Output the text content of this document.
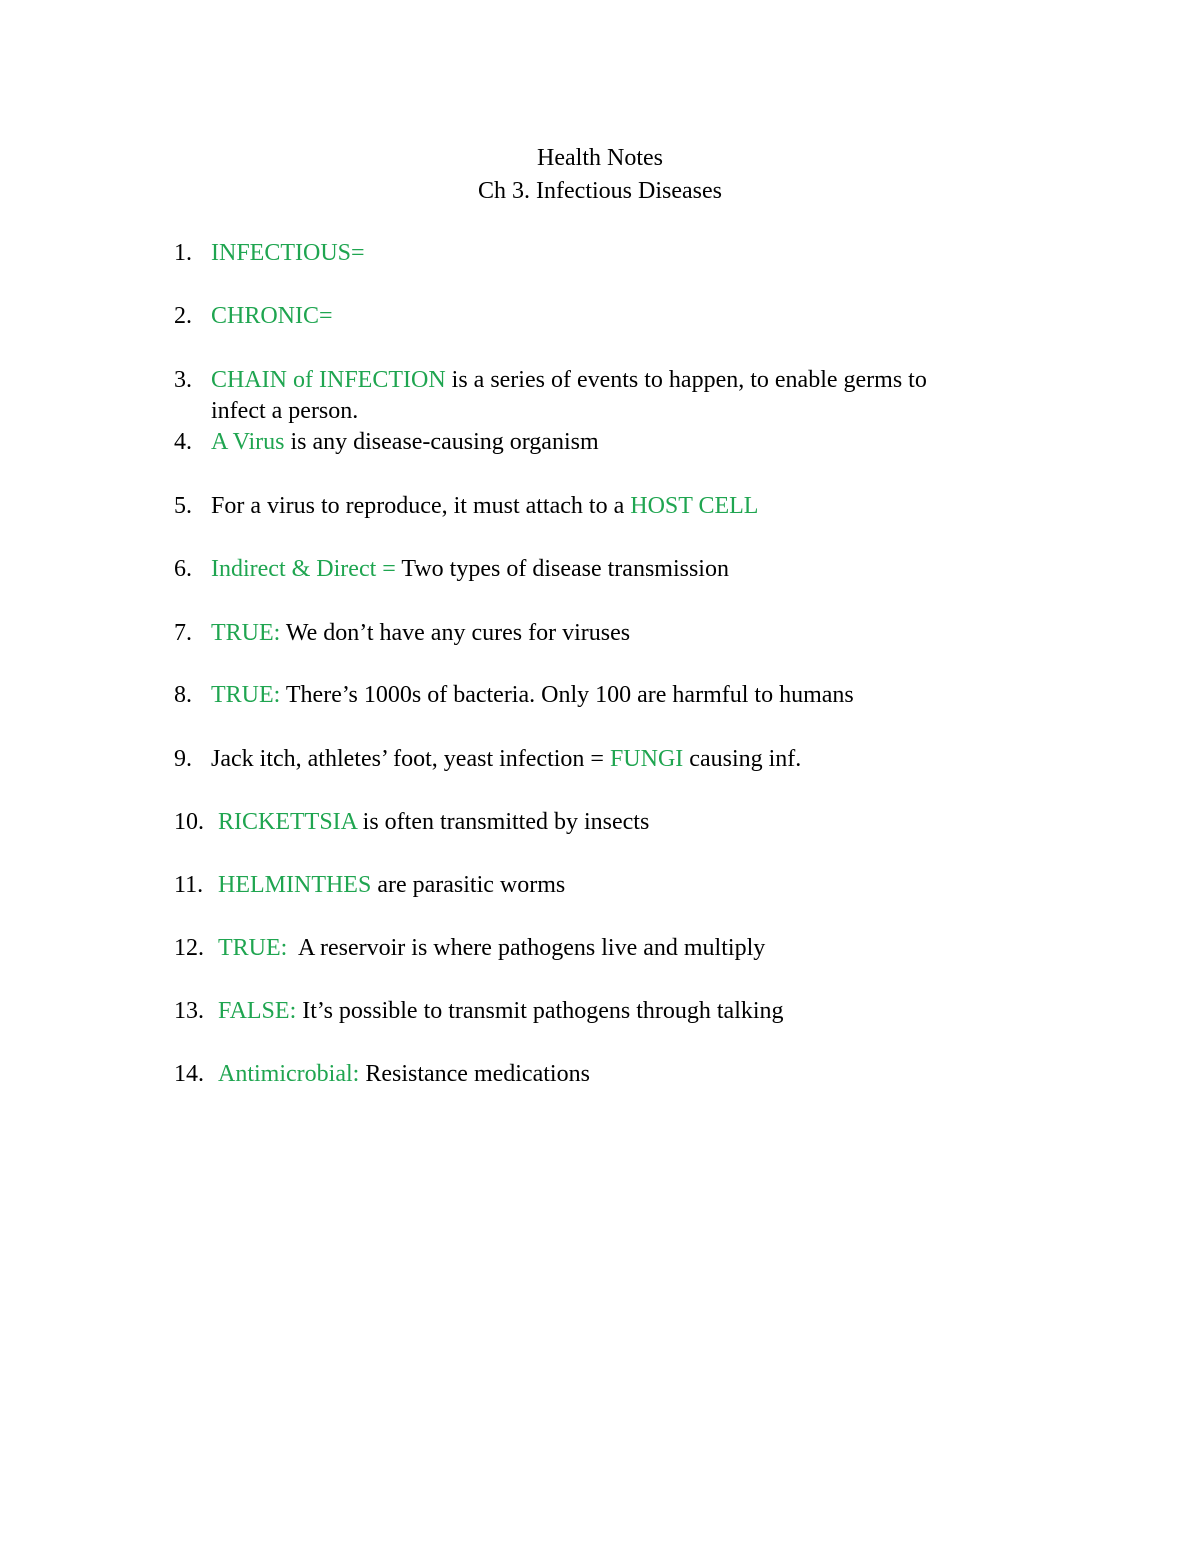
Health Notes
Ch 3. Infectious Diseases
1. INFECTIOUS=
2. CHRONIC=
3. CHAIN of INFECTION is a series of events to happen, to enable germs to
infect a person.
4. A Virus is any disease-causing organism
5. For a virus to reproduce, it must attach to a HOST CELL
6. Indirect & Direct = Two types of disease transmission
7. TRUE: We don’t have any cures for viruses
8. TRUE: There’s 1000s of bacteria. Only 100 are harmful to humans
9. Jack itch, athletes’ foot, yeast infection = FUNGI causing inf.
10. RICKETTSIA is often transmitted by insects
11. HELMINTHES are parasitic worms
12. TRUE:  A reservoir is where pathogens live and multiply
13. FALSE: It’s possible to transmit pathogens through talking
14. Antimicrobial: Resistance medications
